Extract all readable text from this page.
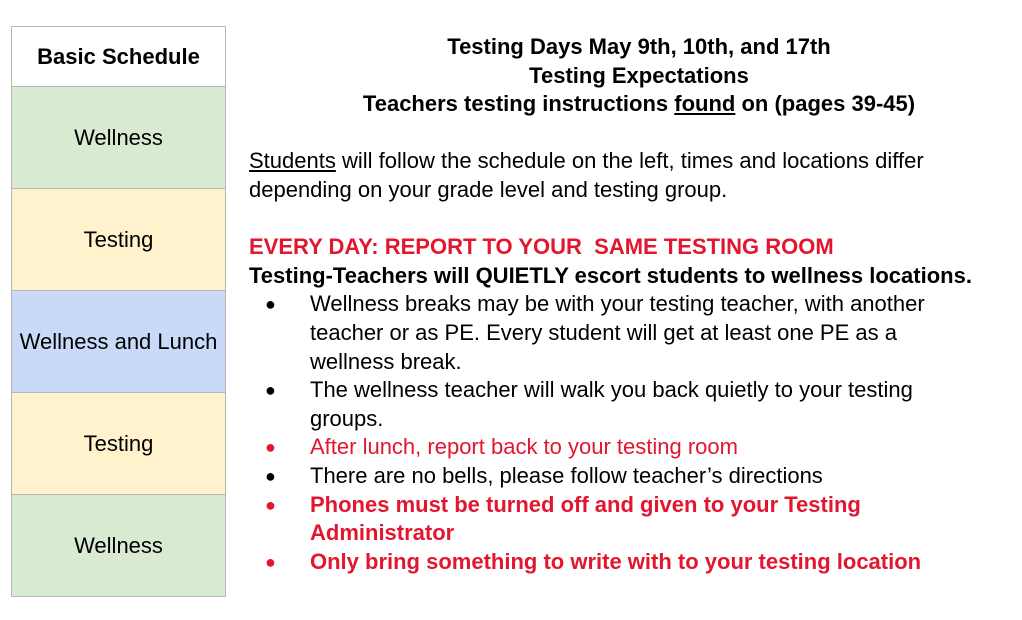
Basic Schedule
Wellness
Testing
Wellness and Lunch
Testing
Wellness
Testing Days May 9th, 10th, and 17th
Testing Expectations
Teachers testing instructions found on (pages 39-45)
Students will follow the schedule on the left, times and locations differ depending on your grade level and testing group.
EVERY DAY: REPORT TO YOUR  SAME TESTING ROOM
Testing-Teachers will QUIETLY escort students to wellness locations.
● Wellness breaks may be with your testing teacher, with another teacher or as PE. Every student will get at least one PE as a wellness break.
● The wellness teacher will walk you back quietly to your testing groups.
● After lunch, report back to your testing room
● There are no bells, please follow teacher’s directions
● Phones must be turned off and given to your Testing Administrator
● Only bring something to write with to your testing location
